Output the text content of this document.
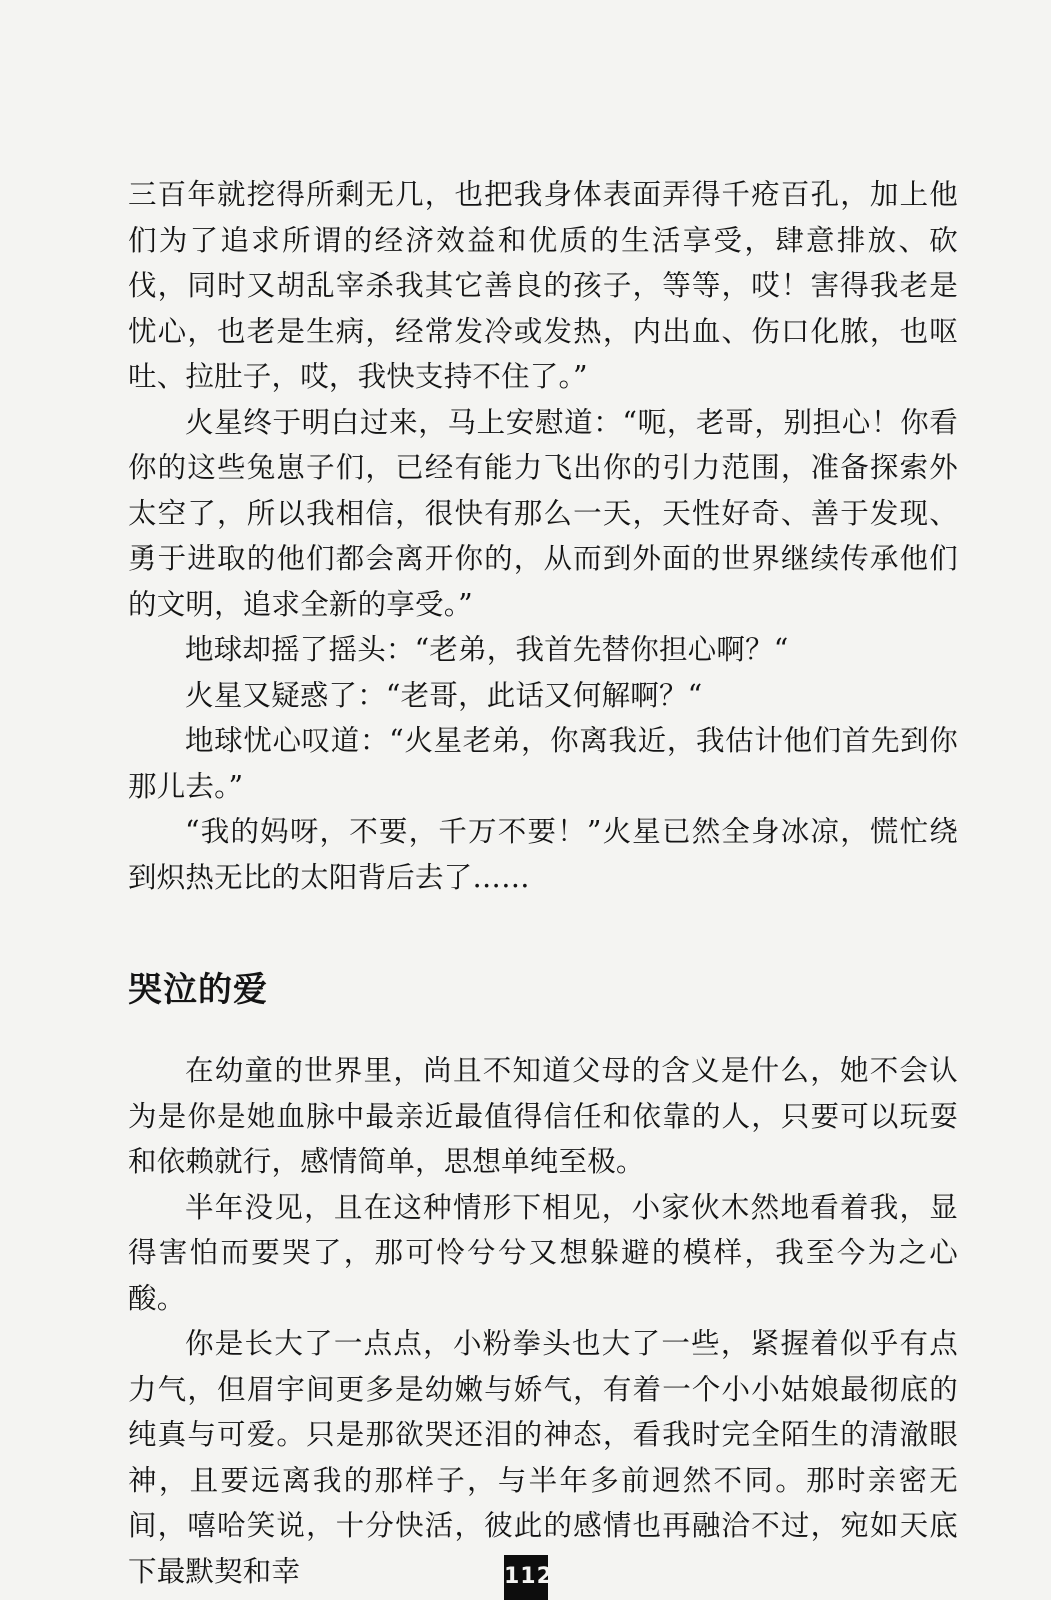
三百年就挖得所剩无几，也把我身体表面弄得千疮百孔，加上他们为了追求所谓的经济效益和优质的生活享受，肆意排放、砍伐，同时又胡乱宰杀我其它善良的孩子，等等，哎！害得我老是忧心，也老是生病，经常发冷或发热，内出血、伤口化脓，也呕吐、拉肚子，哎，我快支持不住了。”

火星终于明白过来，马上安慰道：“呃，老哥，别担心！你看你的这些兔崽子们，已经有能力飞出你的引力范围，准备探索外太空了，所以我相信，很快有那么一天，天性好奇、善于发现、勇于进取的他们都会离开你的，从而到外面的世界继续传承他们的文明，追求全新的享受。”

地球却摇了摇头：“老弟，我首先替你担心啊？“

火星又疑惑了：“老哥，此话又何解啊？“

地球忧心叹道：“火星老弟，你离我近，我估计他们首先到你那儿去。”

“我的妈呀，不要，千万不要！”火星已然全身冰凉，慌忙绕到炽热无比的太阳背后去了……

哭泣的爱

在幼童的世界里，尚且不知道父母的含义是什么，她不会认为是你是她血脉中最亲近最值得信任和依靠的人，只要可以玩耍和依赖就行，感情简单，思想单纯至极。

半年没见，且在这种情形下相见，小家伙木然地看着我，显得害怕而要哭了，那可怜兮兮又想躲避的模样，我至今为之心酸。

你是长大了一点点，小粉拳头也大了一些，紧握着似乎有点力气，但眉宇间更多是幼嫩与娇气，有着一个小小姑娘最彻底的纯真与可爱。只是那欲哭还泪的神态，看我时完全陌生的清澈眼神，且要远离我的那样子，与半年多前迥然不同。那时亲密无间，嘻哈笑说，十分快活，彼此的感情也再融洽不过，宛如天底下最默契和幸	112
